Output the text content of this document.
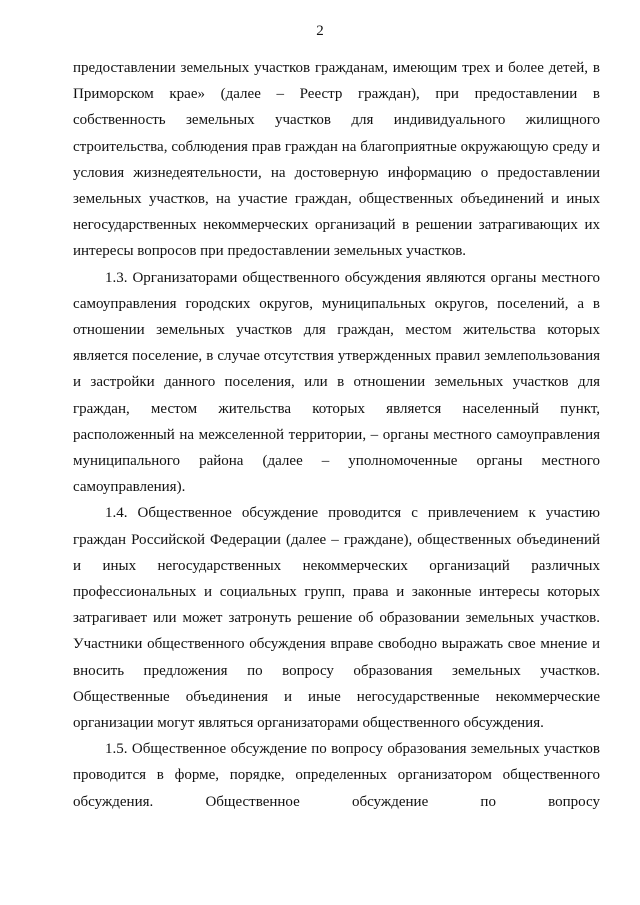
2

предоставлении земельных участков гражданам, имеющим трех и более детей, в Приморском крае» (далее – Реестр граждан), при предоставлении в собственность земельных участков для индивидуального жилищного строительства, соблюдения прав граждан на благоприятные окружающую среду и условия жизнедеятельности, на достоверную информацию о предоставлении земельных участков, на участие граждан, общественных объединений и иных негосударственных некоммерческих организаций в решении затрагивающих их интересы вопросов при предоставлении земельных участков.

1.3. Организаторами общественного обсуждения являются органы местного самоуправления городских округов, муниципальных округов, поселений, а в отношении земельных участков для граждан, местом жительства которых является поселение, в случае отсутствия утвержденных правил землепользования и застройки данного поселения, или в отношении земельных участков для граждан, местом жительства которых является населенный пункт, расположенный на межселенной территории, – органы местного самоуправления муниципального района (далее – уполномоченные органы местного самоуправления).

1.4. Общественное обсуждение проводится с привлечением к участию граждан Российской Федерации (далее – граждане), общественных объединений и иных негосударственных некоммерческих организаций различных профессиональных и социальных групп, права и законные интересы которых затрагивает или может затронуть решение об образовании земельных участков. Участники общественного обсуждения вправе свободно выражать свое мнение и вносить предложения по вопросу образования земельных участков. Общественные объединения и иные негосударственные некоммерческие организации могут являться организаторами общественного обсуждения.

1.5. Общественное обсуждение по вопросу образования земельных участков проводится в форме, порядке, определенных организатором общественного обсуждения. Общественное обсуждение по вопросу
